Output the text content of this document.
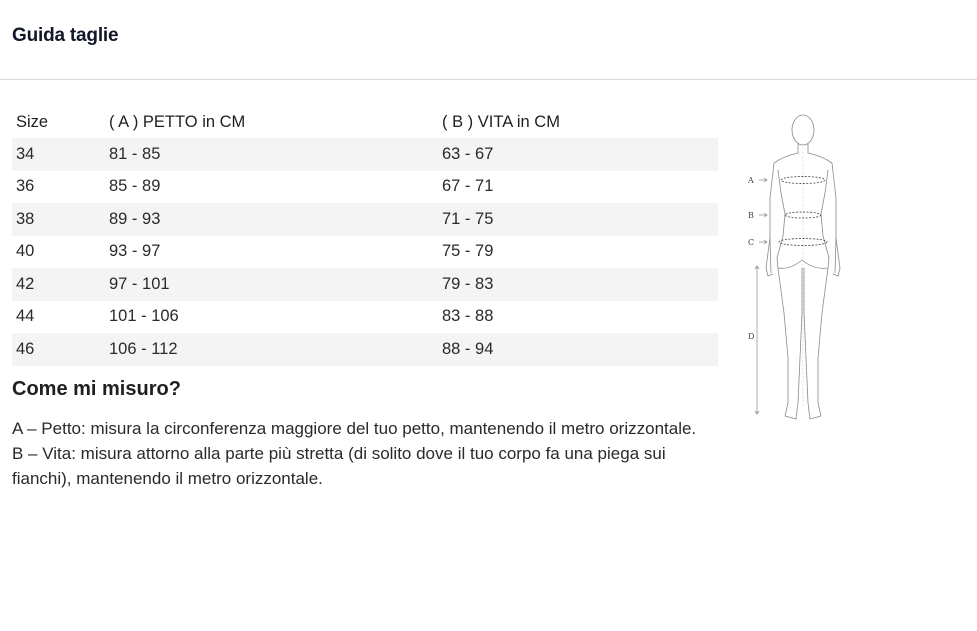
Guida taglie
Size	( A ) PETTO in CM	( B ) VITA in CM
34	81 - 85	63 - 67
36	85 - 89	67 - 71
38	89 - 93	71 - 75
40	93 - 97	75 - 79
42	97 - 101	79 - 83
44	101 - 106	83 - 88
46	106 - 112	88 - 94
Come mi misuro?

A – Petto: misura la circonferenza maggiore del tuo petto, mantenendo il metro orizzontale.

B – Vita: misura attorno alla parte più stretta (di solito dove il tuo corpo fa una piega sui fianchi), mantenendo il metro orizzontale.

A
B
C
D
